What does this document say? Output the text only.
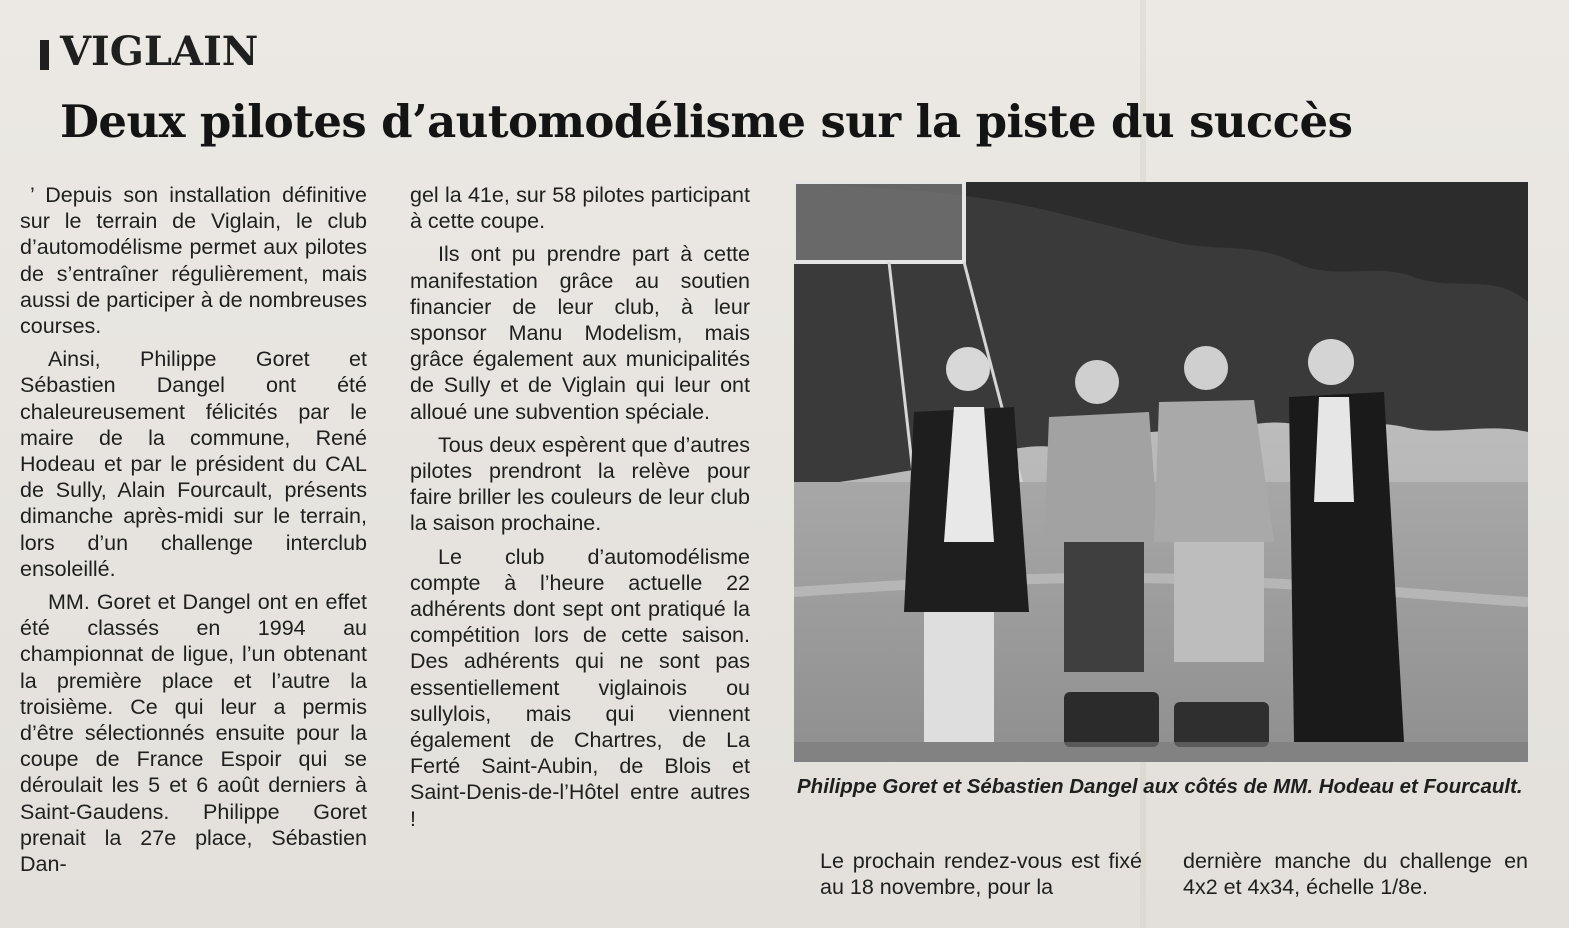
VIGLAIN
Deux pilotes d’automodélisme sur la piste du succès

’ Depuis son installation définitive sur le terrain de Viglain, le club d’automodélisme permet aux pilotes de s’entraîner régulièrement, mais aussi de participer à de nombreuses courses.

Ainsi, Philippe Goret et Sébastien Dangel ont été chaleureusement félicités par le maire de la commune, René Hodeau et par le président du CAL de Sully, Alain Fourcault, présents dimanche après-midi sur le terrain, lors d’un challenge interclub ensoleillé.

MM. Goret et Dangel ont en effet été classés en 1994 au championnat de ligue, l’un obtenant la première place et l’autre la troisième. Ce qui leur a permis d’être sélectionnés ensuite pour la coupe de France Espoir qui se déroulait les 5 et 6 août derniers à Saint-Gaudens. Philippe Goret prenait la 27e place, Sébastien Dan-

gel la 41e, sur 58 pilotes participant à cette coupe.

Ils ont pu prendre part à cette manifestation grâce au soutien financier de leur club, à leur sponsor Manu Modelism, mais grâce également aux municipalités de Sully et de Viglain qui leur ont alloué une subvention spéciale.

Tous deux espèrent que d’autres pilotes prendront la relève pour faire briller les couleurs de leur club la saison prochaine.

Le club d’automodélisme compte à l’heure actuelle 22 adhérents dont sept ont pratiqué la compétition lors de cette saison. Des adhérents qui ne sont pas essentiellement viglainois ou sullylois, mais qui viennent également de Chartres, de La Ferté Saint-Aubin, de Blois et Saint-Denis-de-l’Hôtel entre autres !

Philippe Goret et Sébastien Dangel aux côtés de MM. Hodeau et Fourcault.

Le prochain rendez-vous est fixé au 18 novembre, pour la

dernière manche du challenge en 4x2 et 4x34, échelle 1/8e.
